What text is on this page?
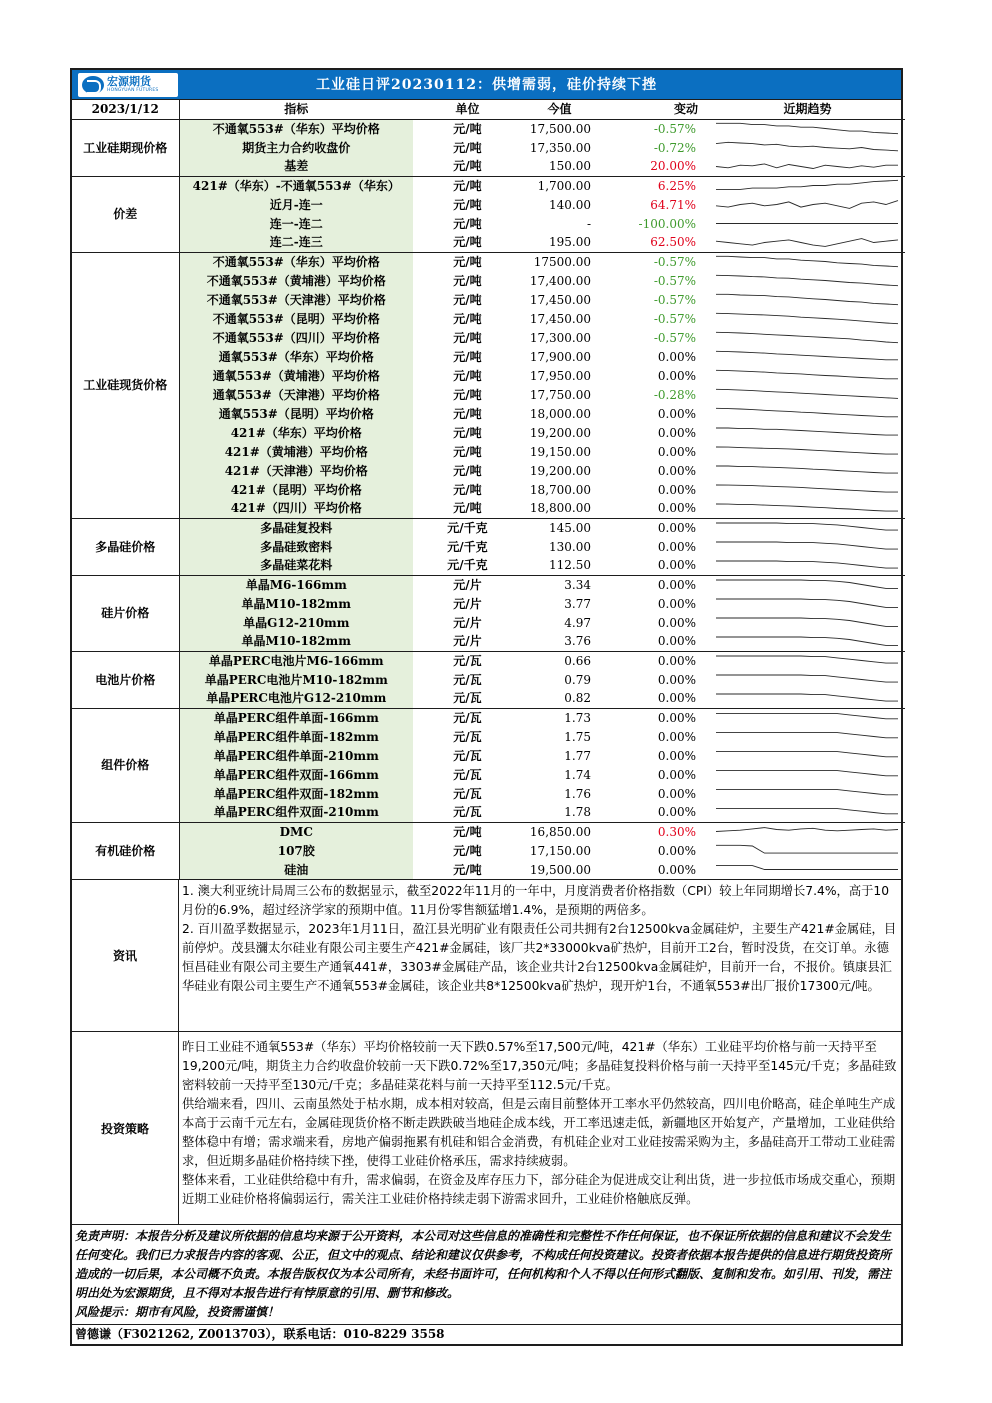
宏源期货
HONGYUAN FUTURES	工业硅日评20230112：供增需弱，硅价持续下挫
2023/1/12	指标	单位	今值	变动	近期趋势
工业硅期现价格	不通氧553#（华东）平均价格	元/吨	17,500.00	-0.57%	

	期货主力合约收盘价	元/吨	17,350.00	-0.72%	

	基差	元/吨	150.00	20.00%	

价差	421#（华东）-不通氧553#（华东）	元/吨	1,700.00	6.25%	

	近月-连一	元/吨	140.00	64.71%	

	连一-连二	元/吨	-	-100.00%	

	连二-连三	元/吨	195.00	62.50%	

工业硅现货价格	不通氧553#（华东）平均价格	元/吨	17500.00	-0.57%	

	不通氧553#（黄埔港）平均价格	元/吨	17,400.00	-0.57%	

	不通氧553#（天津港）平均价格	元/吨	17,450.00	-0.57%	

	不通氧553#（昆明）平均价格	元/吨	17,450.00	-0.57%	

	不通氧553#（四川）平均价格	元/吨	17,300.00	-0.57%	

	通氧553#（华东）平均价格	元/吨	17,900.00	0.00%	

	通氧553#（黄埔港）平均价格	元/吨	17,950.00	0.00%	

	通氧553#（天津港）平均价格	元/吨	17,750.00	-0.28%	

	通氧553#（昆明）平均价格	元/吨	18,000.00	0.00%	

	421#（华东）平均价格	元/吨	19,200.00	0.00%	

	421#（黄埔港）平均价格	元/吨	19,150.00	0.00%	

	421#（天津港）平均价格	元/吨	19,200.00	0.00%	

	421#（昆明）平均价格	元/吨	18,700.00	0.00%	

	421#（四川）平均价格	元/吨	18,800.00	0.00%	

多晶硅价格	多晶硅复投料	元/千克	145.00	0.00%	

	多晶硅致密料	元/千克	130.00	0.00%	

	多晶硅菜花料	元/千克	112.50	0.00%	

硅片价格	单晶M6-166mm	元/片	3.34	0.00%	

	单晶M10-182mm	元/片	3.77	0.00%	

	单晶G12-210mm	元/片	4.97	0.00%	

	单晶M10-182mm	元/片	3.76	0.00%	

电池片价格	单晶PERC电池片M6-166mm	元/瓦	0.66	0.00%	

	单晶PERC电池片M10-182mm	元/瓦	0.79	0.00%	

	单晶PERC电池片G12-210mm	元/瓦	0.82	0.00%	

组件价格	单晶PERC组件单面-166mm	元/瓦	1.73	0.00%	

	单晶PERC组件单面-182mm	元/瓦	1.75	0.00%	

	单晶PERC组件单面-210mm	元/瓦	1.77	0.00%	

	单晶PERC组件双面-166mm	元/瓦	1.74	0.00%	

	单晶PERC组件双面-182mm	元/瓦	1.76	0.00%	

	单晶PERC组件双面-210mm	元/瓦	1.78	0.00%	

有机硅价格	DMC	元/吨	16,850.00	0.30%	

	107胶	元/吨	17,150.00	0.00%	

	硅油	元/吨	19,500.00	0.00%	
资讯

1. 澳大利亚统计局周三公布的数据显示，截至2022年11月的一年中，月度消费者价格指数（CPI）较上年同期增长7.4%，高于10月份的6.9%，超过经济学家的预期中值。11月份零售额猛增1.4%，是预期的两倍多。

2. 百川盈孚数据显示，2023年1月11日，盈江县光明矿业有限责任公司共拥有2台12500kva金属硅炉，主要生产421#金属硅，目前停炉。茂县瀰太尔硅业有限公司主要生产421#金属硅，该厂共2*33000kva矿热炉，目前开工2台，暂时没货，在交订单。永德恒昌硅业有限公司主要生产通氧441#，3303#金属硅产品，该企业共计2台12500kva金属硅炉，目前开一台，不报价。镇康县汇华硅业有限公司主要生产不通氧553#金属硅，该企业共8*12500kva矿热炉，现开炉1台，不通氧553#出厂报价17300元/吨。

投资策略

昨日工业硅不通氧553#（华东）平均价格较前一天下跌0.57%至17,500元/吨，421#（华东）工业硅平均价格与前一天持平至19,200元/吨，期货主力合约收盘价较前一天下跌0.72%至17,350元/吨；多晶硅复投料价格与前一天持平至145元/千克；多晶硅致密料较前一天持平至130元/千克；多晶硅菜花料与前一天持平至112.5元/千克。

供给端来看，四川、云南虽然处于枯水期，成本相对较高，但是云南目前整体开工率水平仍然较高，四川电价略高，硅企单吨生产成本高于云南千元左右，金属硅现货价格不断走跌跌破当地硅企成本线，开工率迅速走低，新疆地区开始复产，产量增加，工业硅供给整体稳中有增；需求端来看，房地产偏弱拖累有机硅和铝合金消费，有机硅企业对工业硅按需采购为主，多晶硅高开工带动工业硅需求，但近期多晶硅价格持续下挫，使得工业硅价格承压，需求持续疲弱。

整体来看，工业硅供给稳中有升，需求偏弱，在资金及库存压力下，部分硅企为促进成交让利出货，进一步拉低市场成交重心，预期近期工业硅价格将偏弱运行，需关注工业硅价格持续走弱下游需求回升，工业硅价格触底反弹。

免责声明：本报告分析及建议所依据的信息均来源于公开资料，本公司对这些信息的准确性和完整性不作任何保证，也不保证所依据的信息和建议不会发生任何变化。我们已力求报告内容的客观、公正，但文中的观点、结论和建议仅供参考，不构成任何投资建议。投资者依据本报告提供的信息进行期货投资所造成的一切后果，本公司概不负责。本报告版权仅为本公司所有，未经书面许可，任何机构和个人不得以任何形式翻版、复制和发布。如引用、刊发，需注明出处为宏源期货，且不得对本报告进行有悖原意的引用、删节和修改。

风险提示：期市有风险，投资需谨慎！

曾德谦（F3021262, Z0013703），联系电话：010-8229 3558
